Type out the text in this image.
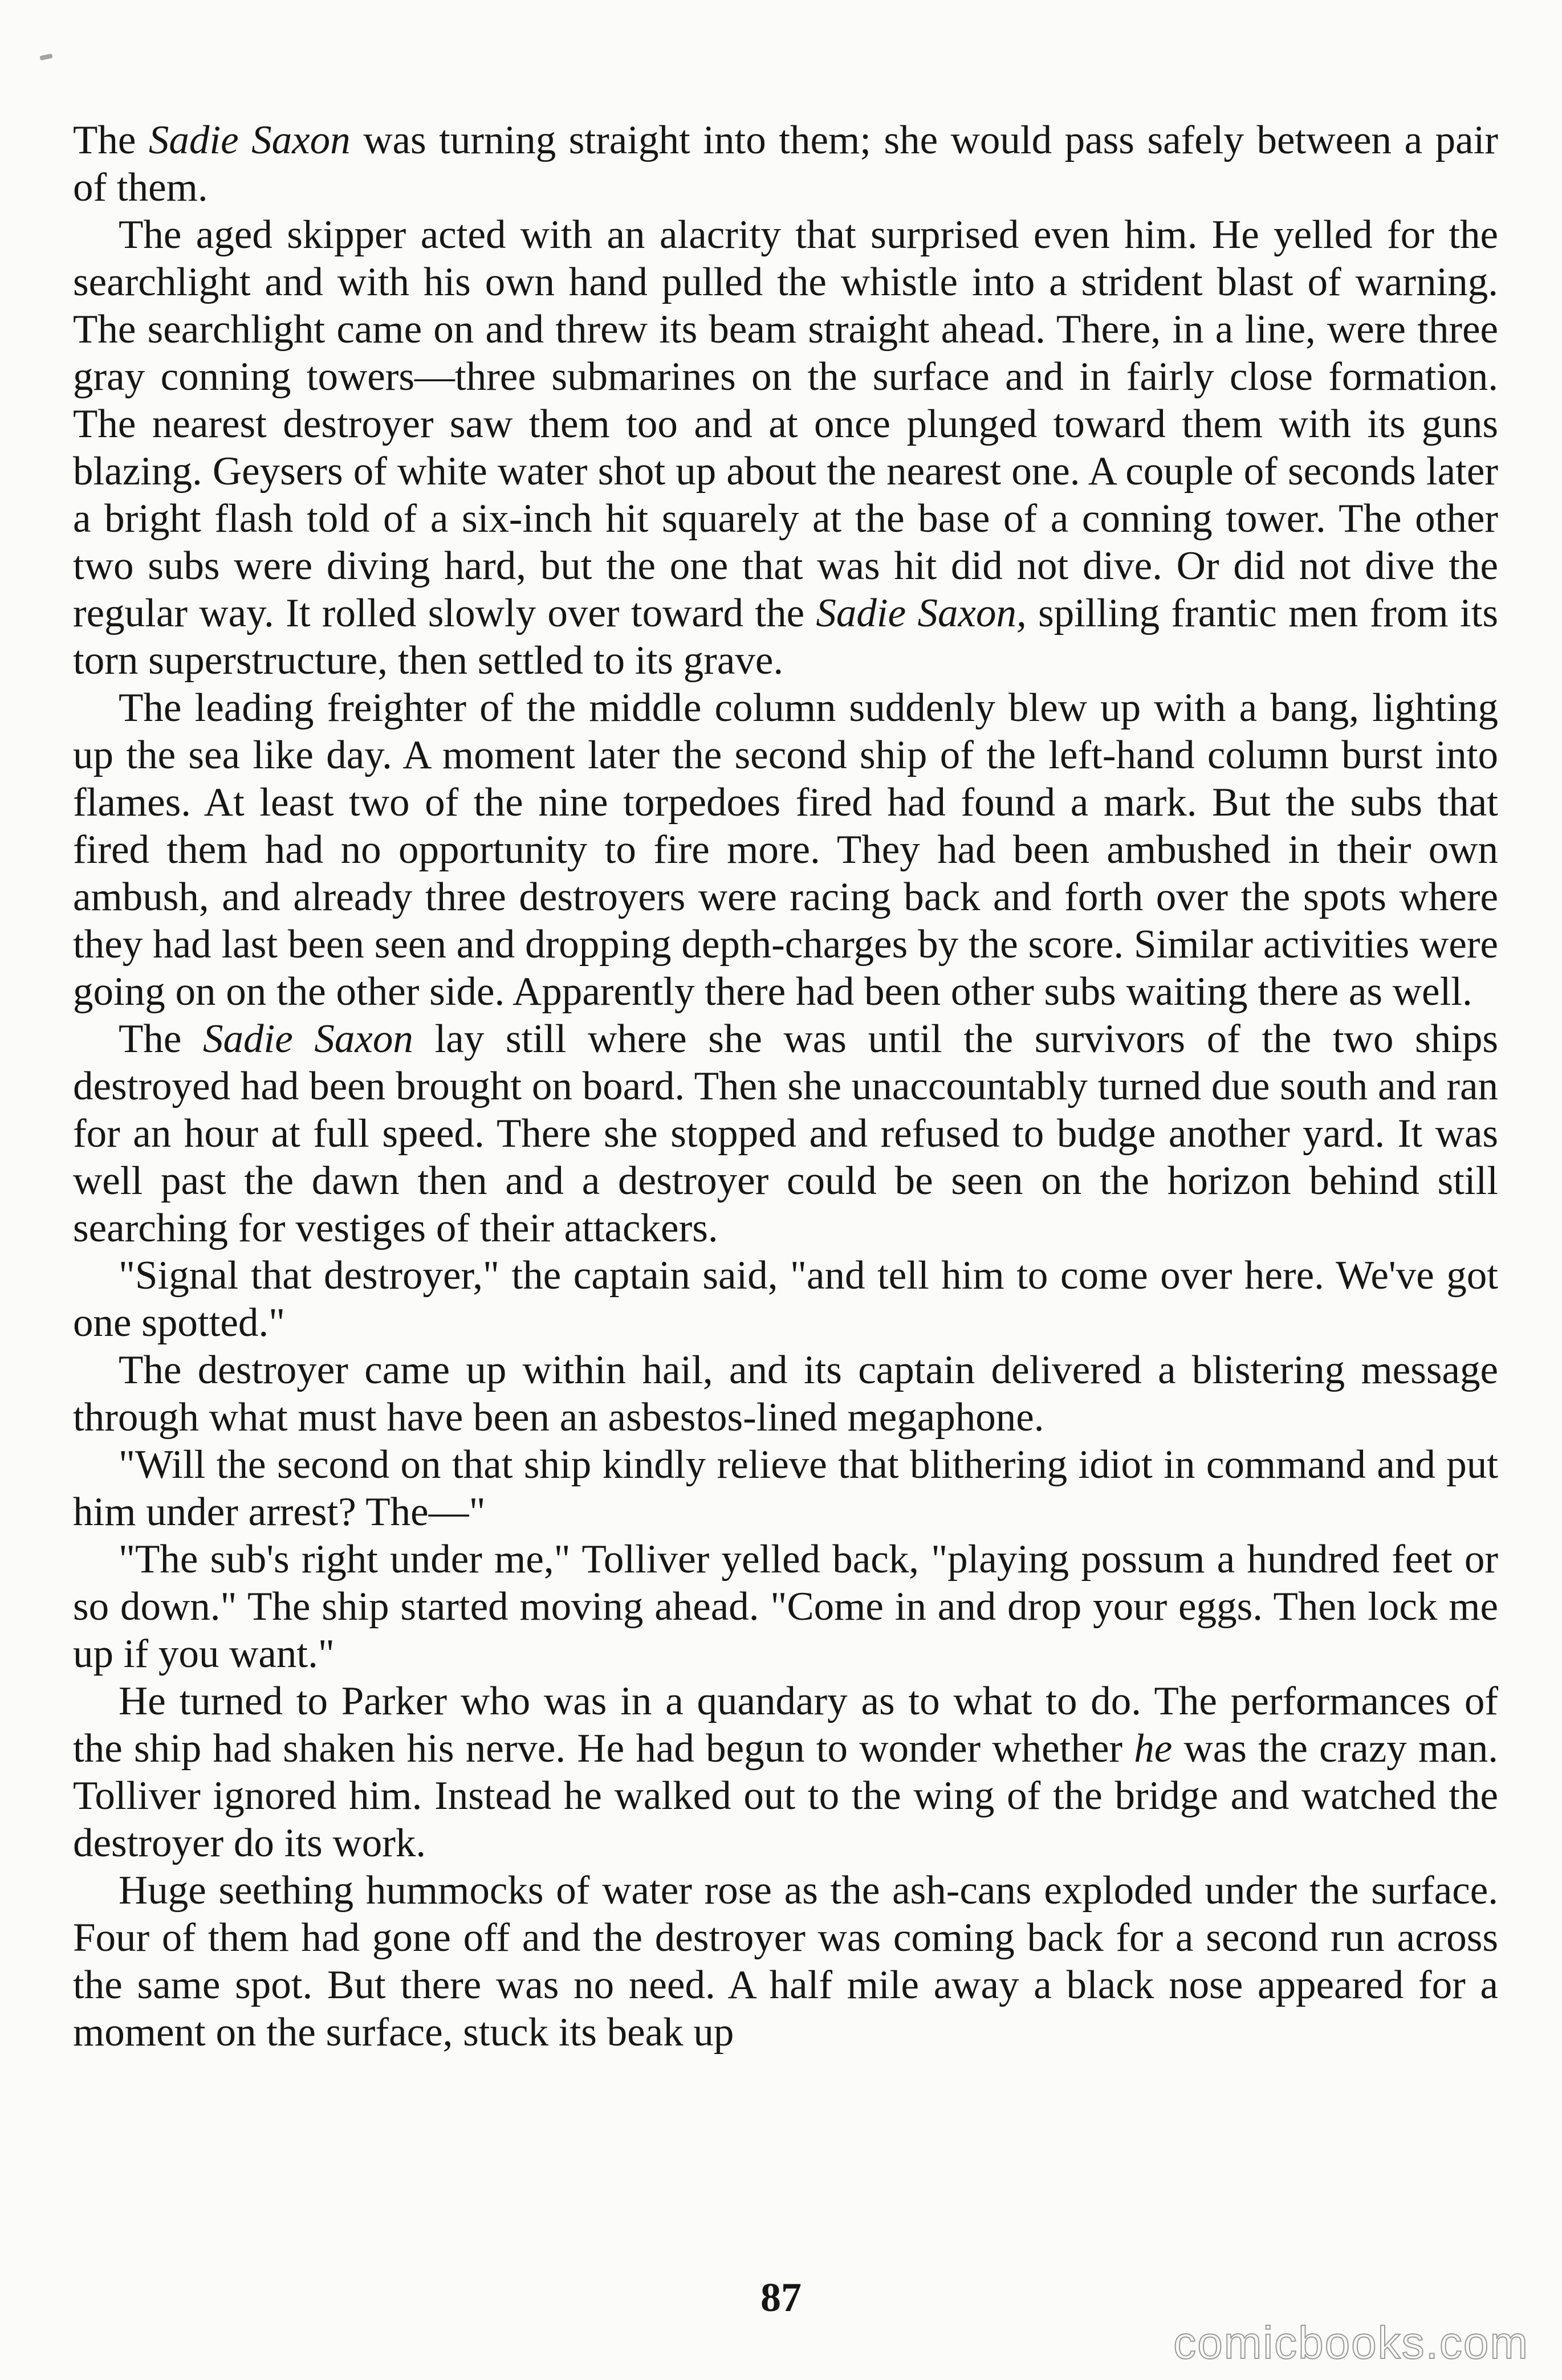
The Sadie Saxon was turning straight into them; she would pass safely between a pair of them.

The aged skipper acted with an alacrity that surprised even him. He yelled for the searchlight and with his own hand pulled the whistle into a strident blast of warning. The searchlight came on and threw its beam straight ahead. There, in a line, were three gray conning towers—three submarines on the surface and in fairly close formation. The nearest destroyer saw them too and at once plunged toward them with its guns blazing. Geysers of white water shot up about the nearest one. A couple of seconds later a bright flash told of a six-inch hit squarely at the base of a conning tower. The other two subs were diving hard, but the one that was hit did not dive. Or did not dive the regular way. It rolled slowly over toward the Sadie Saxon, spilling frantic men from its torn superstructure, then settled to its grave.

The leading freighter of the middle column suddenly blew up with a bang, lighting up the sea like day. A moment later the second ship of the left-hand column burst into flames. At least two of the nine torpedoes fired had found a mark. But the subs that fired them had no opportunity to fire more. They had been ambushed in their own ambush, and already three destroyers were racing back and forth over the spots where they had last been seen and dropping depth-charges by the score. Similar activities were going on on the other side. Apparently there had been other subs waiting there as well.

The Sadie Saxon lay still where she was until the survivors of the two ships destroyed had been brought on board. Then she unaccountably turned due south and ran for an hour at full speed. There she stopped and refused to budge another yard. It was well past the dawn then and a destroyer could be seen on the horizon behind still searching for vestiges of their attackers.

"Signal that destroyer," the captain said, "and tell him to come over here. We've got one spotted."

The destroyer came up within hail, and its captain delivered a blistering message through what must have been an asbestos-lined megaphone.

"Will the second on that ship kindly relieve that blithering idiot in command and put him under arrest? The—"

"The sub's right under me," Tolliver yelled back, "playing possum a hundred feet or so down." The ship started moving ahead. "Come in and drop your eggs. Then lock me up if you want."

He turned to Parker who was in a quandary as to what to do. The performances of the ship had shaken his nerve. He had begun to wonder whether he was the crazy man. Tolliver ignored him. Instead he walked out to the wing of the bridge and watched the destroyer do its work.

Huge seething hummocks of water rose as the ash-cans exploded under the surface. Four of them had gone off and the destroyer was coming back for a second run across the same spot. But there was no need. A half mile away a black nose appeared for a moment on the surface, stuck its beak up

87
comicbooks.com
